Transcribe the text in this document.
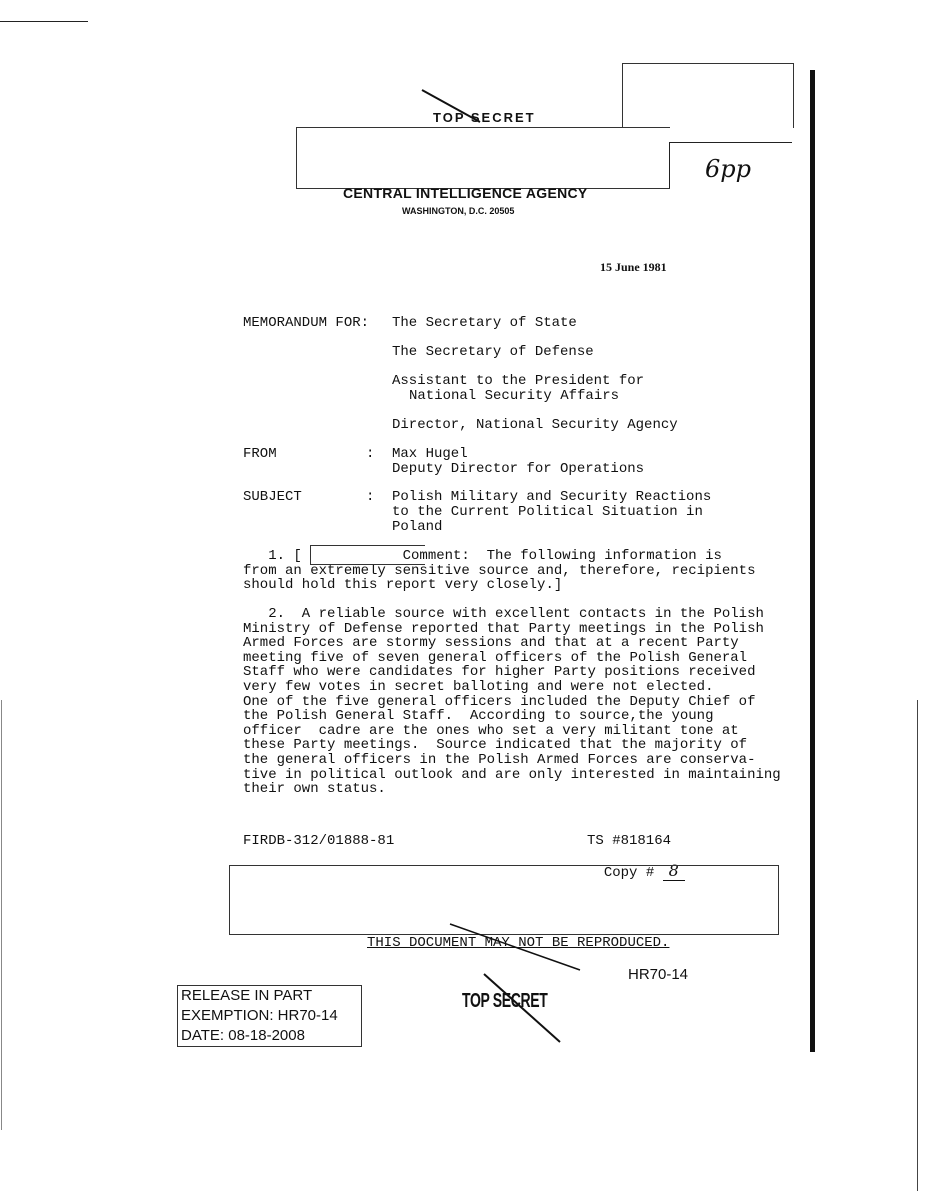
TOP SECRET
6pp
CENTRAL INTELLIGENCE AGENCY
WASHINGTON, D.C. 20505
15 June 1981
MEMORANDUM FOR: The Secretary of State
The Secretary of Defense
Assistant to the President for
National Security Affairs
Director, National Security Agency
FROM	: Max Hugel
Deputy Director for Operations
SUBJECT	: Polish Military and Security Reactions
to the Current Political Situation in
Poland
1. [            Comment:  The following information is
from an extremely sensitive source and, therefore, recipients
should hold this report very closely.]
2.  A reliable source with excellent contacts in the Polish
Ministry of Defense reported that Party meetings in the Polish
Armed Forces are stormy sessions and that at a recent Party
meeting five of seven general officers of the Polish General
Staff who were candidates for higher Party positions received
very few votes in secret balloting and were not elected.
One of the five general officers included the Deputy Chief of
the Polish General Staff.  According to source,the young
officer  cadre are the ones who set a very militant tone at
these Party meetings.  Source indicated that the majority of
the general officers in the Polish Armed Forces are conserva-
tive in political outlook and are only interested in maintaining
their own status.
FIRDB-312/01888-81	TS #818164

Copy # 8

THIS DOCUMENT MAY NOT BE REPRODUCED.
HR70-14
TOP SECRET
RELEASE IN PART
EXEMPTION: HR70-14
DATE: 08-18-2008
